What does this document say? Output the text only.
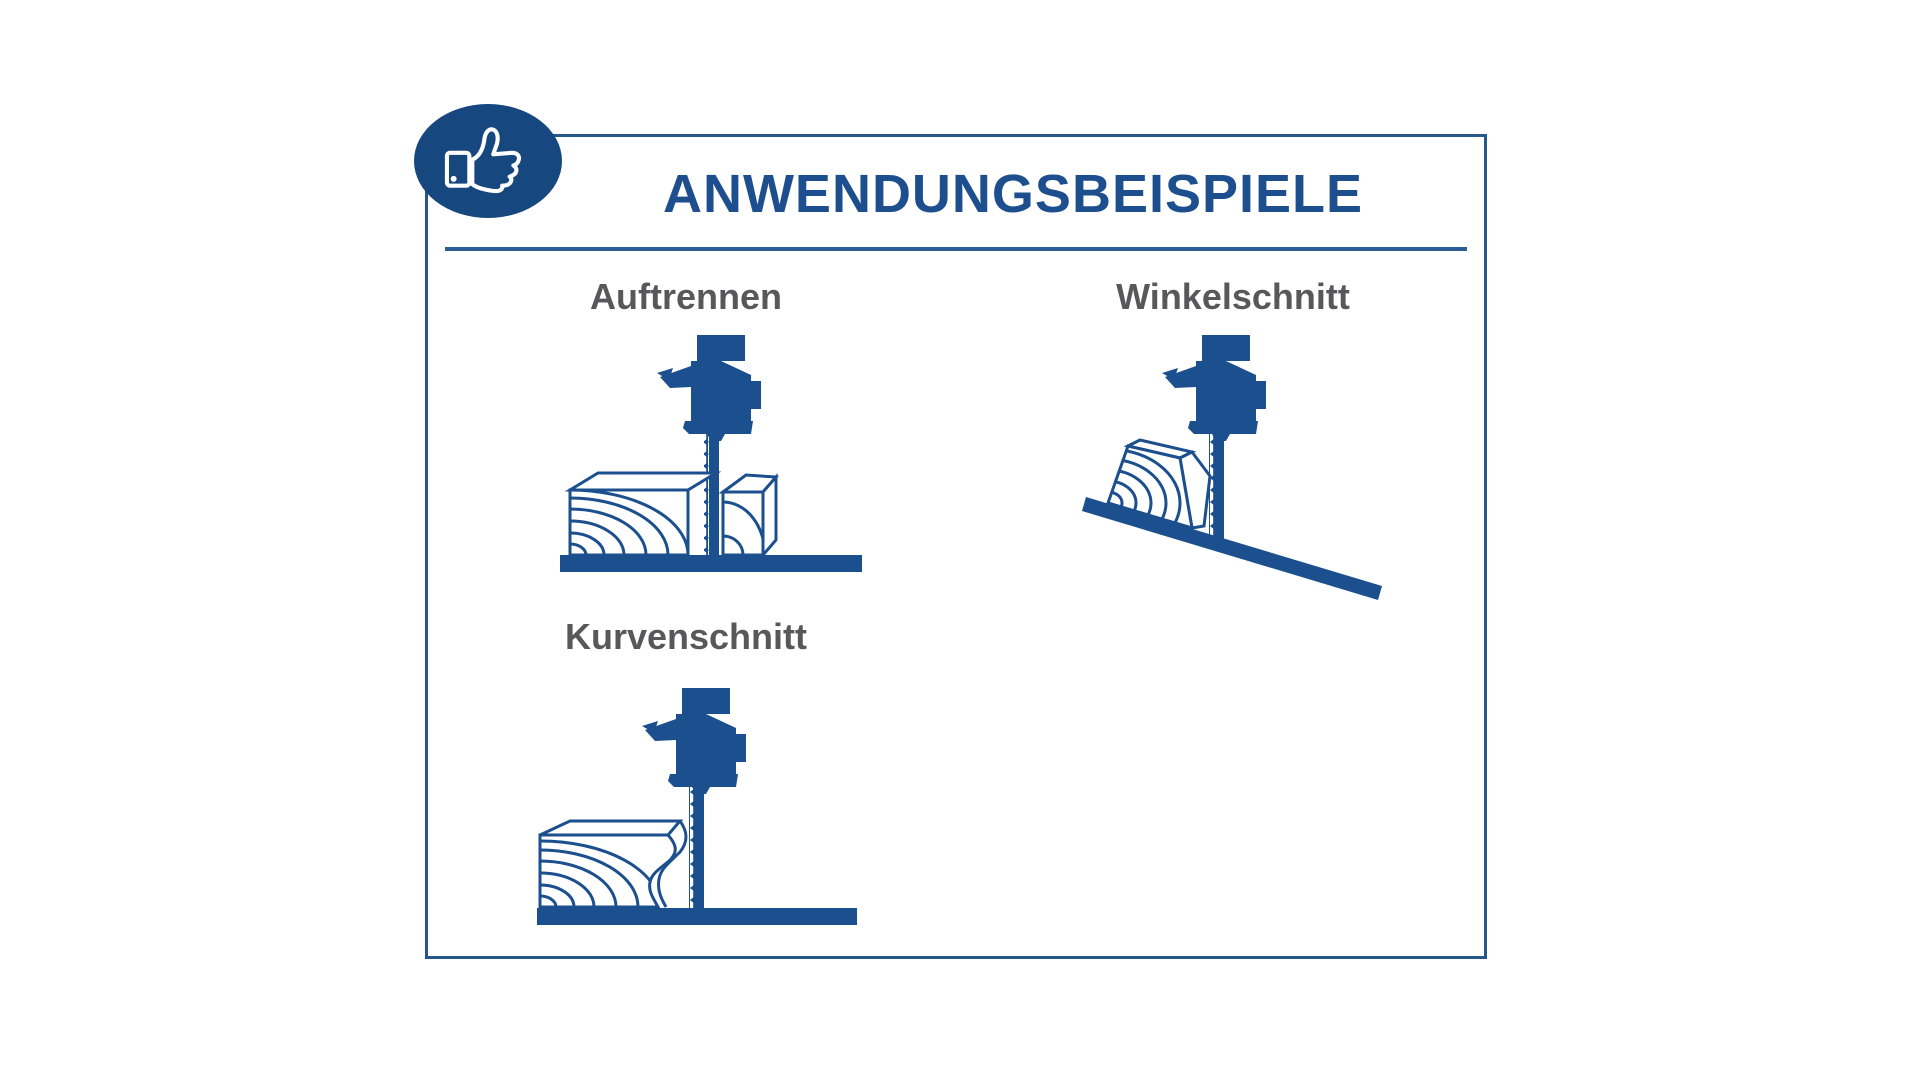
ANWENDUNGSBEISPIELE
Auftrennen	Winkelschnitt
Kurvenschnitt
